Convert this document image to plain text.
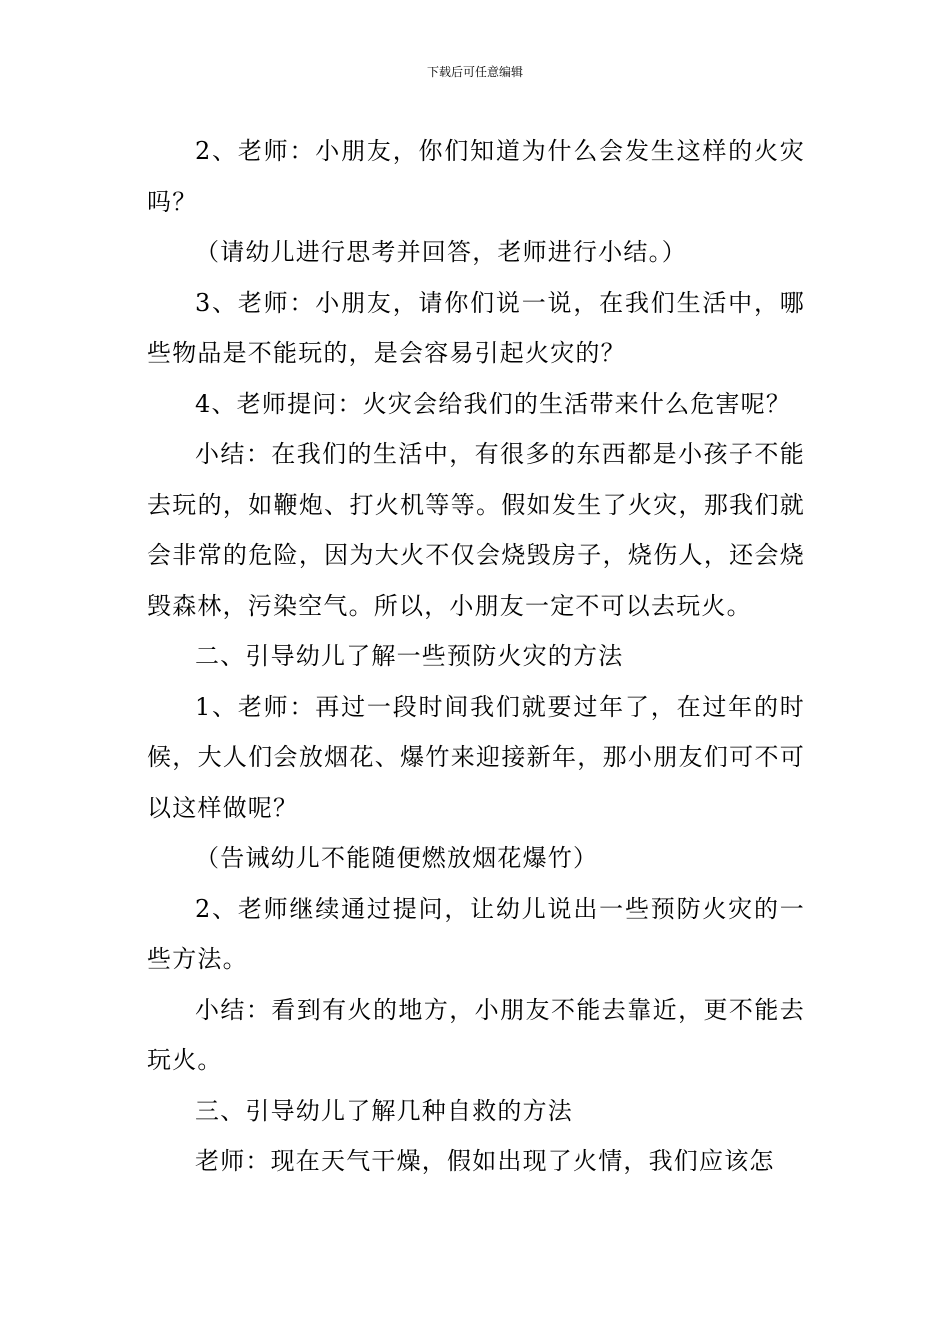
下载后可任意编辑

2、老师：小朋友，你们知道为什么会发生这样的火灾吗？

（请幼儿进行思考并回答，老师进行小结。）

3、老师：小朋友，请你们说一说，在我们生活中，哪些物品是不能玩的，是会容易引起火灾的？

4、老师提问：火灾会给我们的生活带来什么危害呢？

小结：在我们的生活中，有很多的东西都是小孩子不能去玩的，如鞭炮、打火机等等。假如发生了火灾，那我们就会非常的危险，因为大火不仅会烧毁房子，烧伤人，还会烧毁森林，污染空气。所以，小朋友一定不可以去玩火。

二、引导幼儿了解一些预防火灾的方法

1、老师：再过一段时间我们就要过年了，在过年的时候，大人们会放烟花、爆竹来迎接新年，那小朋友们可不可以这样做呢？

（告诫幼儿不能随便燃放烟花爆竹）

2、老师继续通过提问，让幼儿说出一些预防火灾的一些方法。

小结：看到有火的地方，小朋友不能去靠近，更不能去玩火。

三、引导幼儿了解几种自救的方法

老师：现在天气干燥，假如出现了火情，我们应该怎
